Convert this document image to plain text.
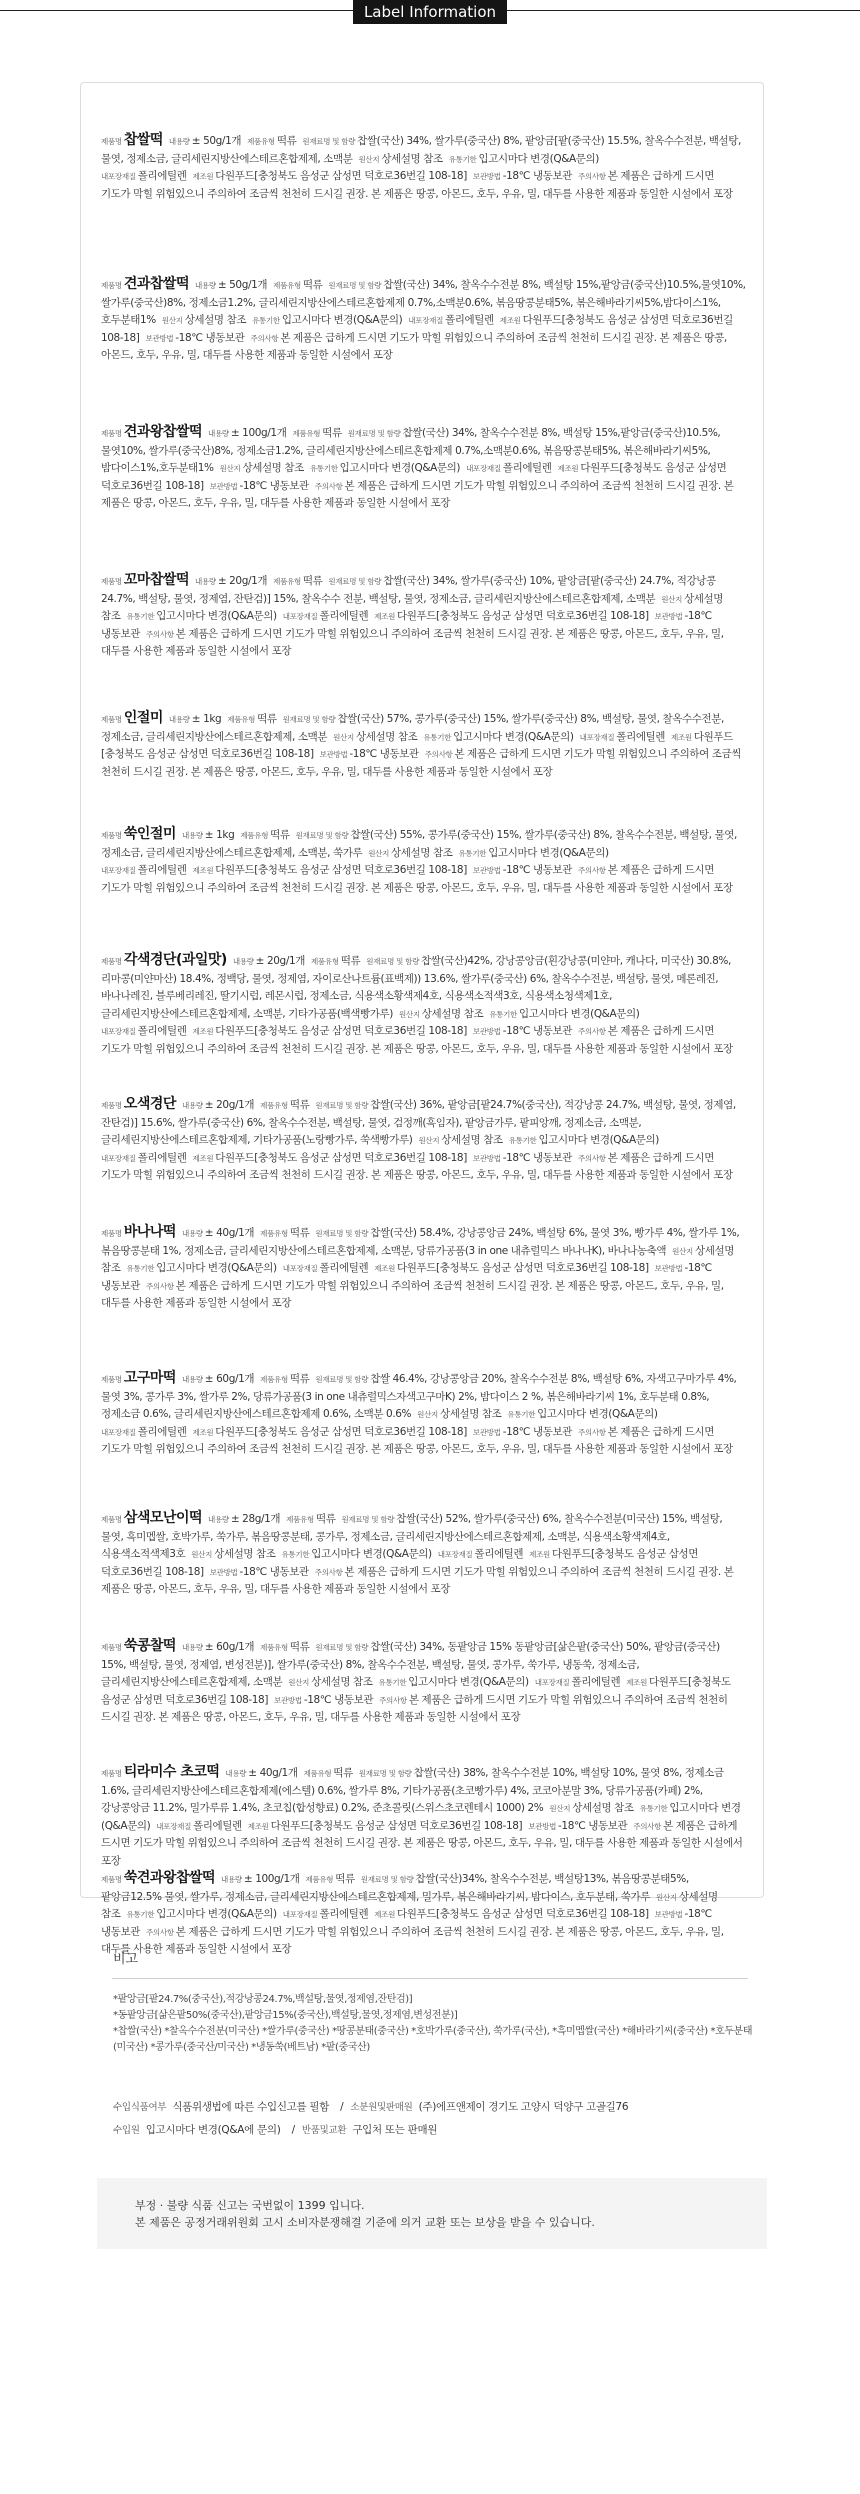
Label Information
제품명 찹쌀떡 내용량 ± 50g/1개 제품유형 떡류 원재료명 및 함량 찹쌀(국산) 34%, 쌀가루(중국산) 8%, 팥앙금[팥(중국산) 15.5%, 찰옥수수전분, 백설탕, 물엿, 정제소금, 글리세린지방산에스테르혼합제제, 소맥분 원산지 상세설명 참조 유통기한 입고시마다 변경(Q&A문의)내포장재질 폴리에틸렌 제조원 다원푸드[충청북도 음성군 삼성면 덕호로36번길 108-18] 보관방법 -18℃ 냉동보관 주의사항 본 제품은 급하게 드시면 기도가 막힐 위험있으니 주의하여 조금씩 천천히 드시길 권장. 본 제품은 땅콩, 아몬드, 호두, 우유, 밀, 대두를 사용한 제품과 동일한 시설에서 포장
제품명 견과찹쌀떡 내용량 ± 50g/1개 제품유형 떡류 원재료명 및 함량 찹쌀(국산) 34%, 찰옥수수전분 8%, 백설탕 15%,팥앙금(중국산)10.5%,물엿10%, 쌀가루(중국산)8%, 정제소금1.2%, 글리세린지방산에스테르혼합제제 0.7%,소맥분0.6%, 볶음땅콩분태5%, 볶은해바라기씨5%,밤다이스1%,호두분태1% 원산지 상세설명 참조 유통기한 입고시마다 변경(Q&A문의) 내포장재질 폴리에틸렌 제조원 다원푸드[충청북도 음성군 삼성면 덕호로36번길 108-18] 보관방법 -18℃ 냉동보관 주의사항 본 제품은 급하게 드시면 기도가 막힐 위험있으니 주의하여 조금씩 천천히 드시길 권장. 본 제품은 땅콩, 아몬드, 호두, 우유, 밀, 대두를 사용한 제품과 동일한 시설에서 포장
제품명 견과왕찹쌀떡 내용량 ± 100g/1개 제품유형 떡류 원재료명 및 함량 찹쌀(국산) 34%, 찰옥수수전분 8%, 백설탕 15%,팥앙금(중국산)10.5%,물엿10%, 쌀가루(중국산)8%, 정제소금1.2%, 글리세린지방산에스테르혼합제제 0.7%,소맥분0.6%, 볶음땅콩분태5%, 볶은해바라기씨5%,밤다이스1%,호두분태1% 원산지 상세설명 참조 유통기한 입고시마다 변경(Q&A문의) 내포장재질 폴리에틸렌 제조원 다원푸드[충청북도 음성군 삼성면 덕호로36번길 108-18] 보관방법 -18℃ 냉동보관 주의사항 본 제품은 급하게 드시면 기도가 막힐 위험있으니 주의하여 조금씩 천천히 드시길 권장. 본 제품은 땅콩, 아몬드, 호두, 우유, 밀, 대두를 사용한 제품과 동일한 시설에서 포장
제품명 꼬마찹쌀떡 내용량 ± 20g/1개 제품유형 떡류 원재료명 및 함량 찹쌀(국산) 34%, 쌀가루(중국산) 10%, 팥앙금[팥(중국산) 24.7%, 적강낭콩 24.7%, 백설탕, 물엿, 정제염, 잔탄검)] 15%, 찰옥수수 전분, 백설탕, 물엿, 정제소금, 글리세린지방산에스테르혼합제제, 소맥분 원산지 상세설명 참조 유통기한 입고시마다 변경(Q&A문의) 내포장재질 폴리에틸렌 제조원 다원푸드[충청북도 음성군 삼성면 덕호로36번길 108-18] 보관방법 -18℃ 냉동보관 주의사항 본 제품은 급하게 드시면 기도가 막힐 위험있으니 주의하여 조금씩 천천히 드시길 권장. 본 제품은 땅콩, 아몬드, 호두, 우유, 밀, 대두를 사용한 제품과 동일한 시설에서 포장
제품명 인절미 내용량 ± 1kg 제품유형 떡류 원재료명 및 함량 찹쌀(국산) 57%, 콩가루(중국산) 15%, 쌀가루(중국산) 8%, 백설탕, 물엿, 찰옥수수전분, 정제소금, 글리세린지방산에스테르혼합제제, 소맥분 원산지 상세설명 참조 유통기한 입고시마다 변경(Q&A문의) 내포장재질 폴리에틸렌 제조원 다원푸드[충청북도 음성군 삼성면 덕호로36번길 108-18] 보관방법 -18℃ 냉동보관 주의사항 본 제품은 급하게 드시면 기도가 막힐 위험있으니 주의하여 조금씩 천천히 드시길 권장. 본 제품은 땅콩, 아몬드, 호두, 우유, 밀, 대두를 사용한 제품과 동일한 시설에서 포장
제품명 쑥인절미 내용량 ± 1kg 제품유형 떡류 원재료명 및 함량 찹쌀(국산) 55%, 콩가루(중국산) 15%, 쌀가루(중국산) 8%, 찰옥수수전분, 백설탕, 물엿, 정제소금, 글리세린지방산에스테르혼합제제, 소맥분, 쑥가루 원산지 상세설명 참조 유통기한 입고시마다 변경(Q&A문의)내포장재질 폴리에틸렌 제조원 다원푸드[충청북도 음성군 삼성면 덕호로36번길 108-18] 보관방법 -18℃ 냉동보관 주의사항 본 제품은 급하게 드시면 기도가 막힐 위험있으니 주의하여 조금씩 천천히 드시길 권장. 본 제품은 땅콩, 아몬드, 호두, 우유, 밀, 대두를 사용한 제품과 동일한 시설에서 포장
제품명 각색경단(과일맛) 내용량 ± 20g/1개 제품유형 떡류 원재료명 및 함량 찹쌀(국산)42%, 강낭콩앙금(흰강낭콩(미얀마, 캐나다, 미국산) 30.8%, 리마콩(미얀마산) 18.4%, 정백당, 물엿, 정제염, 자이로산나트륨(표백제)) 13.6%, 쌀가루(중국산) 6%, 찰옥수수전분, 백설탕, 물엿, 메론레진, 바나나레진, 블루베리레진, 딸기시럽, 레몬시럽, 정제소금, 식용색소황색제4호, 식용색소적색3호, 식용색소청색제1호, 글리세린지방산에스테르혼합제제, 소맥분, 기타가공품(백색빵가루) 원산지 상세설명 참조 유통기한 입고시마다 변경(Q&A문의)내포장재질 폴리에틸렌 제조원 다원푸드[충청북도 음성군 삼성면 덕호로36번길 108-18] 보관방법 -18℃ 냉동보관 주의사항 본 제품은 급하게 드시면 기도가 막힐 위험있으니 주의하여 조금씩 천천히 드시길 권장. 본 제품은 땅콩, 아몬드, 호두, 우유, 밀, 대두를 사용한 제품과 동일한 시설에서 포장
제품명 오색경단 내용량 ± 20g/1개 제품유형 떡류 원재료명 및 함량 찹쌀(국산) 36%, 팥앙금[팥24.7%(중국산), 적강낭콩 24.7%, 백설탕, 물엿, 정제염, 잔탄검)] 15.6%, 쌀가루(중국산) 6%, 찰옥수수전분, 백설탕, 물엿, 검정깨(흑임자), 팥앙금가루, 팥피앙깨, 정제소금, 소맥분, 글리세린지방산에스테르혼합제제, 기타가공품(노랑빵가루, 쑥색빵가루) 원산지 상세설명 참조 유통기한 입고시마다 변경(Q&A문의)내포장재질 폴리에틸렌 제조원 다원푸드[충청북도 음성군 삼성면 덕호로36번길 108-18] 보관방법 -18℃ 냉동보관 주의사항 본 제품은 급하게 드시면 기도가 막힐 위험있으니 주의하여 조금씩 천천히 드시길 권장. 본 제품은 땅콩, 아몬드, 호두, 우유, 밀, 대두를 사용한 제품과 동일한 시설에서 포장
제품명 바나나떡 내용량 ± 40g/1개 제품유형 떡류 원재료명 및 함량 찹쌀(국산) 58.4%, 강낭콩앙금 24%, 백설탕 6%, 물엿 3%, 빵가루 4%, 쌀가루 1%, 볶음땅콩분태 1%, 정제소금, 글리세린지방산에스테르혼합제제, 소맥분, 당류가공품(3 in one 내츄럴믹스 바나나K), 바나나농축액 원산지 상세설명 참조 유통기한 입고시마다 변경(Q&A문의) 내포장재질 폴리에틸렌 제조원 다원푸드[충청북도 음성군 삼성면 덕호로36번길 108-18] 보관방법 -18℃ 냉동보관 주의사항 본 제품은 급하게 드시면 기도가 막힐 위험있으니 주의하여 조금씩 천천히 드시길 권장. 본 제품은 땅콩, 아몬드, 호두, 우유, 밀, 대두를 사용한 제품과 동일한 시설에서 포장
제품명 고구마떡 내용량 ± 60g/1개 제품유형 떡류 원재료명 및 함량 찹쌀 46.4%, 강낭콩앙금 20%, 찰옥수수전분 8%, 백설탕 6%, 자색고구마가루 4%, 물엿 3%, 콩가루 3%, 쌀가루 2%, 당류가공품(3 in one 내츄럴믹스자색고구마K) 2%, 밤다이스 2 %, 볶은해바라기씨 1%, 호두분태 0.8%, 정제소금 0.6%, 글리세린지방산에스테르혼합제제 0.6%, 소맥분 0.6% 원산지 상세설명 참조 유통기한 입고시마다 변경(Q&A문의)내포장재질 폴리에틸렌 제조원 다원푸드[충청북도 음성군 삼성면 덕호로36번길 108-18] 보관방법 -18℃ 냉동보관 주의사항 본 제품은 급하게 드시면 기도가 막힐 위험있으니 주의하여 조금씩 천천히 드시길 권장. 본 제품은 땅콩, 아몬드, 호두, 우유, 밀, 대두를 사용한 제품과 동일한 시설에서 포장
제품명 삼색모난이떡 내용량 ± 28g/1개 제품유형 떡류 원재료명 및 함량 찹쌀(국산) 52%, 쌀가루(중국산) 6%, 찰옥수수전분(미국산) 15%, 백설탕, 물엿, 흑미멥쌀, 호박가루, 쑥가루, 볶음땅콩분태, 콩가루, 정제소금, 글리세린지방산에스테르혼합제제, 소맥분, 식용색소황색제4호, 식용색소적색제3호 원산지 상세설명 참조 유통기한 입고시마다 변경(Q&A문의) 내포장재질 폴리에틸렌 제조원 다원푸드[충청북도 음성군 삼성면 덕호로36번길 108-18] 보관방법 -18℃ 냉동보관 주의사항 본 제품은 급하게 드시면 기도가 막힐 위험있으니 주의하여 조금씩 천천히 드시길 권장. 본 제품은 땅콩, 아몬드, 호두, 우유, 밀, 대두를 사용한 제품과 동일한 시설에서 포장
제품명 쑥콩찰떡 내용량 ± 60g/1개 제품유형 떡류 원재료명 및 함량 찹쌀(국산) 34%, 동팥앙금 15% 동팥앙금[삶은팥(중국산) 50%, 팥앙금(중국산) 15%, 백설탕, 물엿, 정제염, 변성전분)], 쌀가루(중국산) 8%, 찰옥수수전분, 백설탕, 물엿, 콩가루, 쑥가루, 냉동쑥, 정제소금, 글리세린지방산에스테르혼합제제, 소맥분 원산지 상세설명 참조 유통기한 입고시마다 변경(Q&A문의) 내포장재질 폴리에틸렌 제조원 다원푸드[충청북도 음성군 삼성면 덕호로36번길 108-18] 보관방법 -18℃ 냉동보관 주의사항 본 제품은 급하게 드시면 기도가 막힐 위험있으니 주의하여 조금씩 천천히 드시길 권장. 본 제품은 땅콩, 아몬드, 호두, 우유, 밀, 대두를 사용한 제품과 동일한 시설에서 포장
제품명 티라미수 초코떡 내용량 ± 40g/1개 제품유형 떡류 원재료명 및 함량 찹쌀(국산) 38%, 찰옥수수전분 10%, 백설탕 10%, 물엿 8%, 정제소금 1.6%, 글리세린지방산에스테르혼합제제(에스텔) 0.6%, 쌀가루 8%, 기타가공품(초코빵가루) 4%, 코코아분말 3%, 당류가공품(카페) 2%, 강낭콩앙금 11.2%, 밀가루류 1.4%, 초코칩(합성향료) 0.2%, 준초콜릿(스위스초코렌테시 1000) 2% 원산지 상세설명 참조 유통기한 입고시마다 변경(Q&A문의) 내포장재질 폴리에틸렌 제조원 다원푸드[충청북도 음성군 삼성면 덕호로36번길 108-18] 보관방법 -18℃ 냉동보관 주의사항 본 제품은 급하게 드시면 기도가 막힐 위험있으니 주의하여 조금씩 천천히 드시길 권장. 본 제품은 땅콩, 아몬드, 호두, 우유, 밀, 대두를 사용한 제품과 동일한 시설에서 포장
제품명 쑥견과왕찹쌀떡 내용량 ± 100g/1개 제품유형 떡류 원재료명 및 함량 찹쌀(국산)34%, 찰옥수수전분, 백설탕13%, 볶음땅콩분태5%, 팥앙금12.5% 물엿, 쌀가루, 정제소금, 글리세린지방산에스테르혼합제제, 밀가루, 볶은해바라기씨, 밤다이스, 호두분태, 쑥가루 원산지 상세설명 참조 유통기한 입고시마다 변경(Q&A문의) 내포장재질 폴리에틸렌 제조원 다원푸드[충청북도 음성군 삼성면 덕호로36번길 108-18] 보관방법 -18℃ 냉동보관 주의사항 본 제품은 급하게 드시면 기도가 막힐 위험있으니 주의하여 조금씩 천천히 드시길 권장. 본 제품은 땅콩, 아몬드, 호두, 우유, 밀, 대두를 사용한 제품과 동일한 시설에서 포장
비고
*팥앙금[팥24.7%(중국산),적강낭콩24.7%,백설탕,물엿,정제염,잔탄검)]
*동팥앙금[삶은팥50%(중국산),팥앙금15%(중국산),백설탕,물엿,정제염,변성전분)]
*찹쌀(국산) *찰옥수수전분(미국산) *쌀가루(중국산) *땅콩분태(중국산) *호박가루(중국산), 쑥가루(국산), *흑미멥쌀(국산) *해바라기씨(중국산) *호두분태(미국산) *콩가루(중국산/미국산) *냉동쑥(베트남) *팥(중국산)
수입식품여부 식품위생법에 따른 수입신고를 필함 / 소분원및판매원 (주)에프앤제이 경기도 고양시 덕양구 고골길76
수입원 입고시마다 변경(Q&A에 문의) / 반품및교환 구입처 또는 판매원
부정 · 불량 식품 신고는 국번없이 1399 입니다.
본 제품은 공정거래위원회 고시 소비자분쟁해결 기준에 의거 교환 또는 보상을 받을 수 있습니다.
